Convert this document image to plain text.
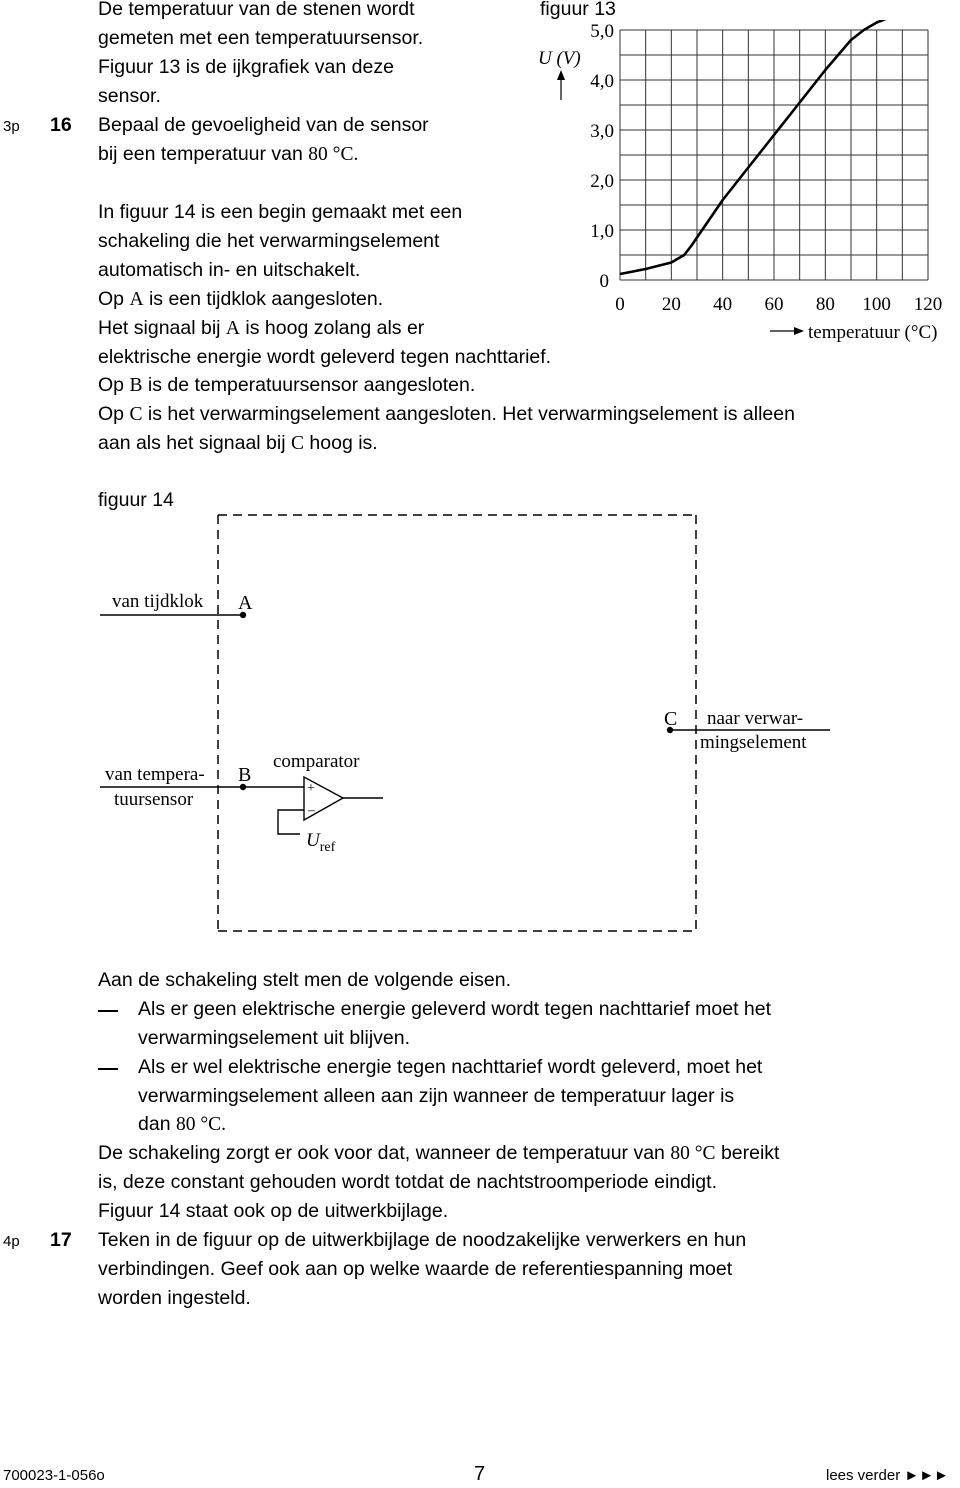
De temperatuur van de stenen wordt
gemeten met een temperatuursensor.
Figuur 13 is de ijkgrafiek van deze
sensor.
3p 16 Bepaal de gevoeligheid van de sensor
bij een temperatuur van 80 °C.
In figuur 14 is een begin gemaakt met een
schakeling die het verwarmingselement
automatisch in- en uitschakelt.
Op A is een tijdklok aangesloten.
Het signaal bij A is hoog zolang als er
elektrische energie wordt geleverd tegen nachttarief.
Op B is de temperatuursensor aangesloten.
Op C is het verwarmingselement aangesloten. Het verwarmingselement is alleen
aan als het signaal bij C hoog is.
figuur 13
0 20 40 60 80 100 120
0
1,0
2,0
3,0
4,0
5,0
U (V)
temperatuur (°C)
figuur 14
van tijdklok A
van tempera-
tuursensor
B
comparator
+
–
$U_{ref}$
C naar verwar-
mingselement
Aan de schakeling stelt men de volgende eisen.
Als er geen elektrische energie geleverd wordt tegen nachttarief moet het
verwarmingselement uit blijven.
Als er wel elektrische energie tegen nachttarief wordt geleverd, moet het
verwarmingselement alleen aan zijn wanneer de temperatuur lager is
dan 80 °C.
De schakeling zorgt er ook voor dat, wanneer de temperatuur van 80 °C bereikt
is, deze constant gehouden wordt totdat de nachtstroomperiode eindigt.
Figuur 14 staat ook op de uitwerkbijlage.
4p 17 Teken in de figuur op de uitwerkbijlage de noodzakelijke verwerkers en hun
verbindingen. Geef ook aan op welke waarde de referentiespanning moet
worden ingesteld.
700023-1-056o	7	lees verder ►►►
